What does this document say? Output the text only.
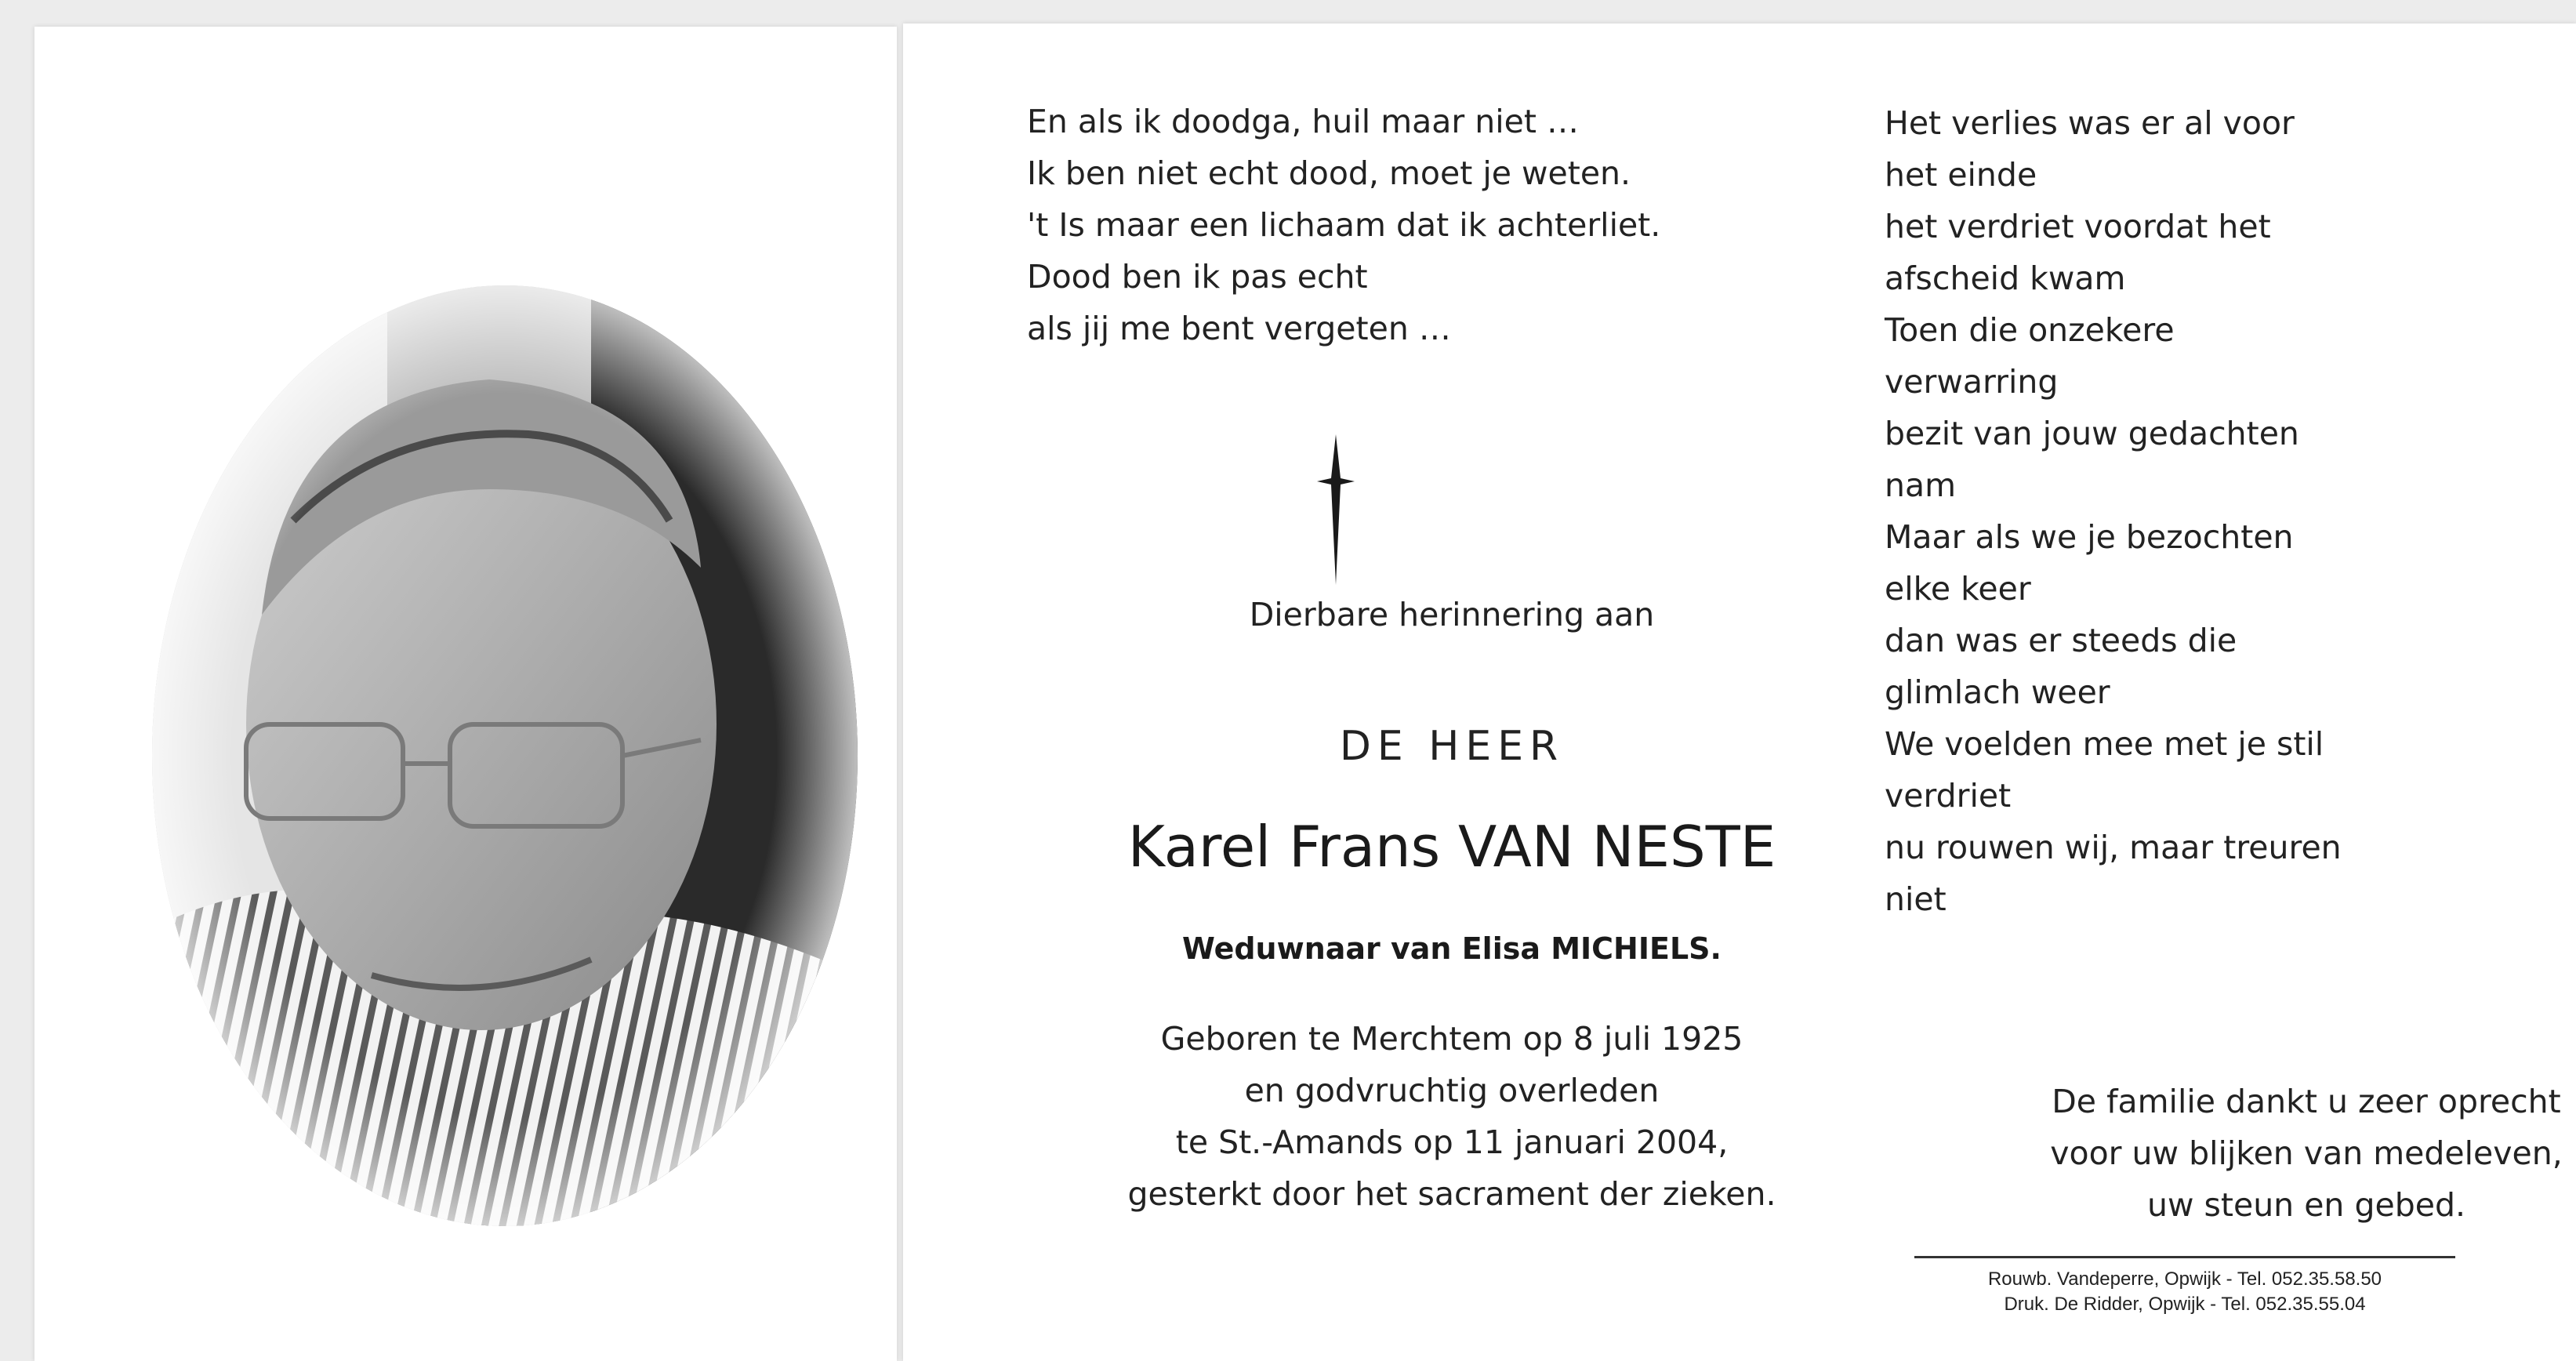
En als ik doodga, huil maar niet …
Ik ben niet echt dood, moet je weten.
't Is maar een lichaam dat ik achterliet.
Dood ben ik pas echt
als jij me bent vergeten …
Dierbare herinnering aan
DE HEER
Karel Frans VAN NESTE
Weduwnaar van Elisa MICHIELS.
Geboren te Merchtem op 8 juli 1925
en godvruchtig overleden
te St.-Amands op 11 januari 2004,
gesterkt door het sacrament der zieken.
Het verlies was er al voor
het einde
het verdriet voordat het
afscheid kwam
Toen die onzekere
verwarring
bezit van jouw gedachten
nam
Maar als we je bezochten
elke keer
dan was er steeds die
glimlach weer
We voelden mee met je stil
verdriet
nu rouwen wij, maar treuren
niet
De familie dankt u zeer oprecht
voor uw blijken van medeleven,
uw steun en gebed.
Rouwb. Vandeperre, Opwijk - Tel. 052.35.58.50
Druk. De Ridder, Opwijk - Tel. 052.35.55.04
